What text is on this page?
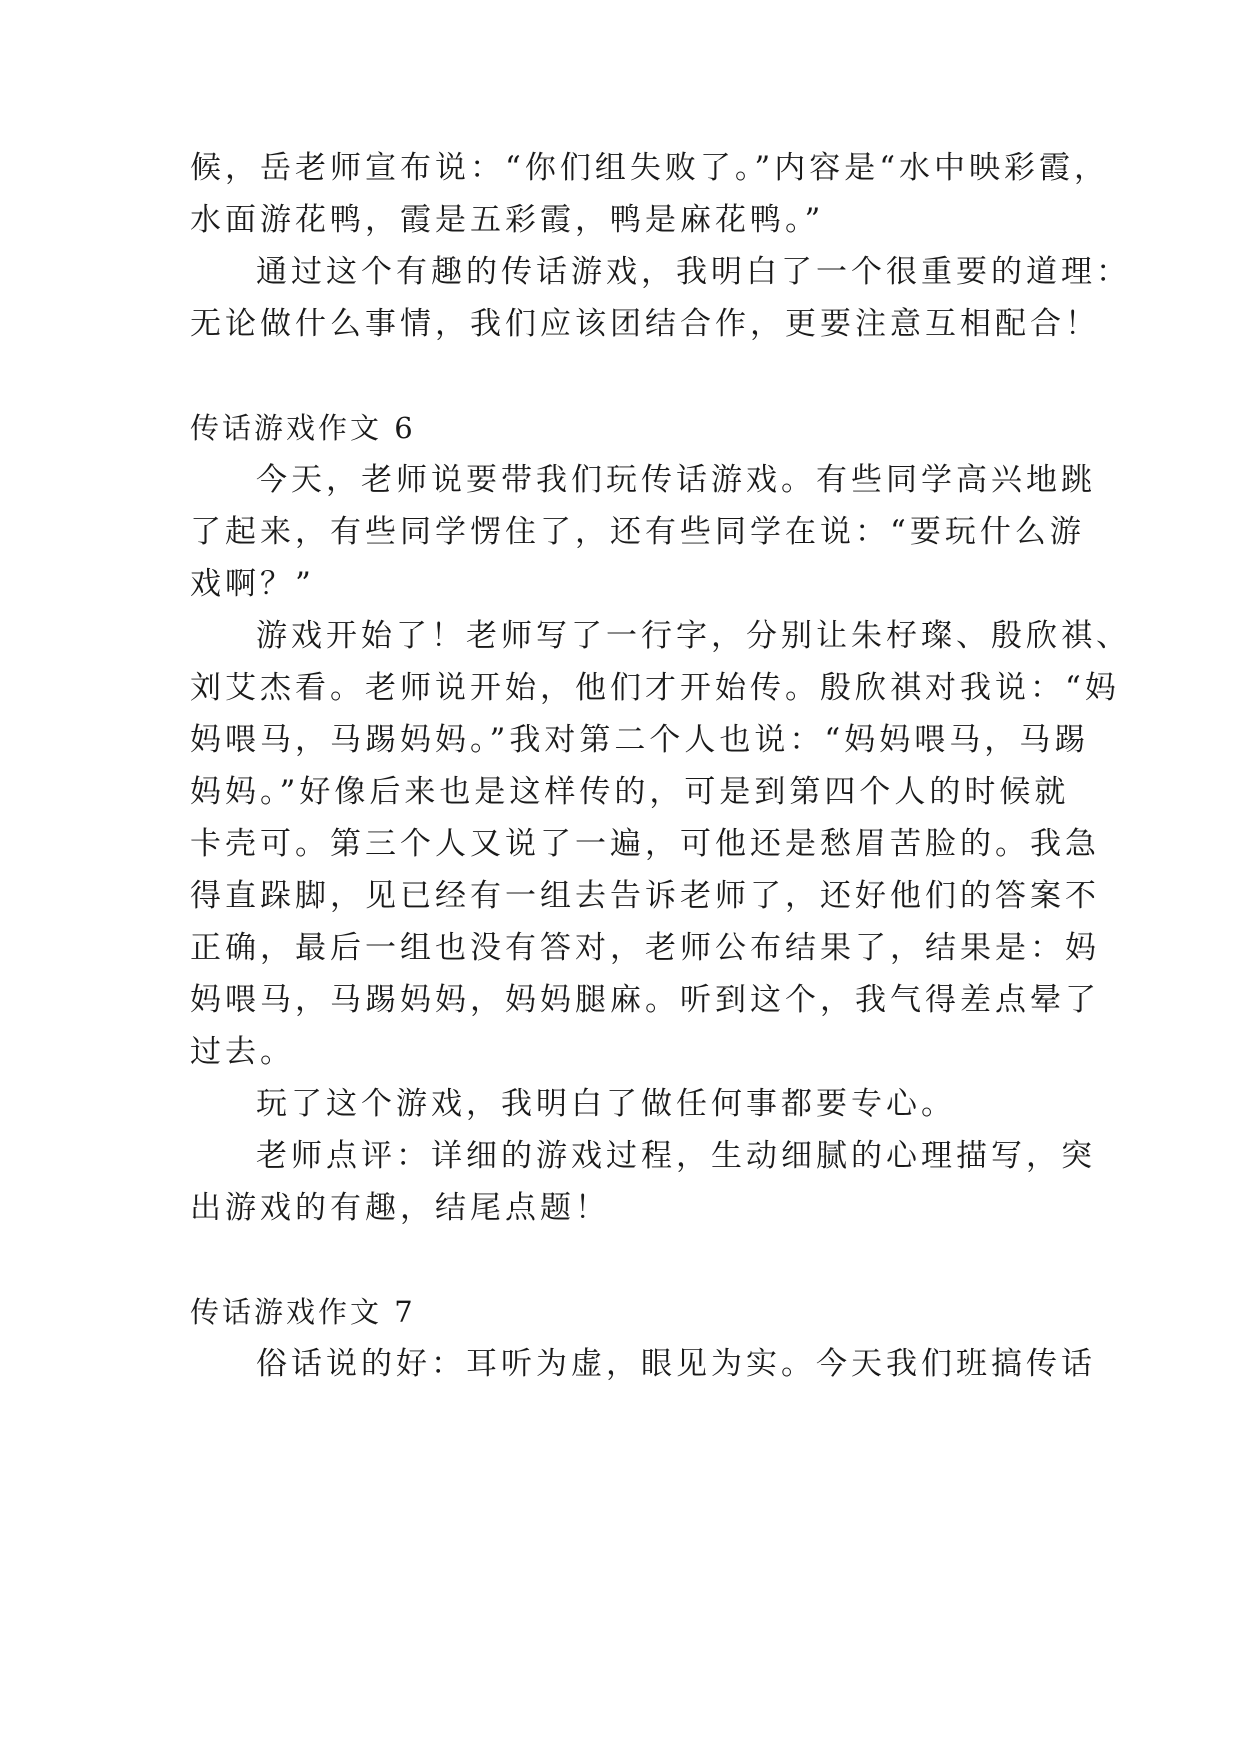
候，岳老师宣布说：“你们组失败了。”内容是“水中映彩霞，
水面游花鸭，霞是五彩霞，鸭是麻花鸭。”
通过这个有趣的传话游戏，我明白了一个很重要的道理：
无论做什么事情，我们应该团结合作，更要注意互相配合！
传话游戏作文 6
今天，老师说要带我们玩传话游戏。有些同学高兴地跳
了起来，有些同学愣住了，还有些同学在说：“要玩什么游
戏啊？”
游戏开始了！老师写了一行字，分别让朱杍璨、殷欣祺、
刘艾杰看。老师说开始，他们才开始传。殷欣祺对我说：“妈
妈喂马，马踢妈妈。”我对第二个人也说：“妈妈喂马，马踢
妈妈。”好像后来也是这样传的，可是到第四个人的时候就
卡壳可。第三个人又说了一遍，可他还是愁眉苦脸的。我急
得直跺脚，见已经有一组去告诉老师了，还好他们的答案不
正确，最后一组也没有答对，老师公布结果了，结果是：妈
妈喂马，马踢妈妈，妈妈腿麻。听到这个，我气得差点晕了
过去。
玩了这个游戏，我明白了做任何事都要专心。
老师点评：详细的游戏过程，生动细腻的心理描写，突
出游戏的有趣，结尾点题！
传话游戏作文 7
俗话说的好：耳听为虚，眼见为实。今天我们班搞传话
